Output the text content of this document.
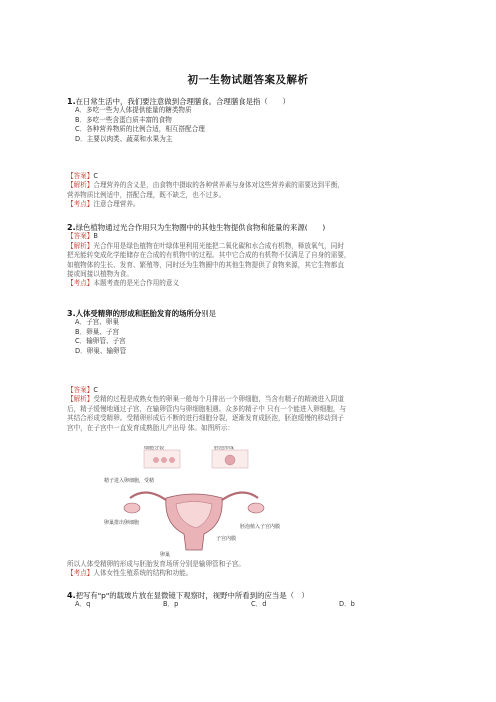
初一生物试题答案及解析
1.在日常生活中，我们要注意做到合理膳食。合理膳食是指（　　）
A．多吃一些为人体提供能量的糖类物质
B．多吃一些含蛋白质丰富的食物
C．各种营养物质的比例合适，相互搭配合理
D．主要以肉类、蔬菜和水果为主
【答案】C
【解析】合理营养的含义是，由食物中摄取的各种营养素与身体对这些营养素的需要达到平衡，
营养物质比例适中，搭配合理，既不缺乏，也不过多。
【考点】注意合理营养。
2.绿色植物通过光合作用只为生物圈中的其他生物提供食物和能量的来源(　　)
【答案】B
【解析】光合作用是绿色植物在叶绿体里利用光能把二氧化碳和水合成有机物，释放氧气，同时
把光能转变成化学能储存在合成的有机物中的过程。其中它合成的有机物不仅满足了自身的需要，
如植物体的生长、发育、繁殖等，同时还为生物圈中的其他生物提供了食物来源，其它生物都直
接或间接以植物为食。
【考点】本题考查的是光合作用的意义
3.人体受精卵的形成和胚胎发育的场所分别是
A．子宫、卵巢
B．卵巢、子宫
C．输卵管、子宫
D．卵巢、输卵管
【答案】C
【解析】受精的过程是成熟女性的卵巢一般每个月排出一个卵细胞，当含有精子的精液进入阴道
后，精子缓慢地通过子宫，在输卵管内与卵细胞相遇。众多的精子中 只有一个能进入卵细胞，与
其结合形成受精卵。受精卵形成后不断的进行细胞分裂，逐渐发育成胚泡，胚泡缓慢的移动到子
宫中，在子宫中一直发育成熟胎儿产出母 体。如图所示：
细胞分裂	胚泡形成
精子进入卵细胞，受精
卵巢排出卵细胞
胚泡植入子宫内膜
子宫内膜
卵巢
所以人体受精卵的形成与胚胎发育场所分别是输卵管和子宫。
【考点】人体女性生殖系统的结构和功能。
4.把写有"p"的载玻片放在显微镜下观察时，视野中所看到的应当是（　）
A．q	B．p	C．d	D．b
